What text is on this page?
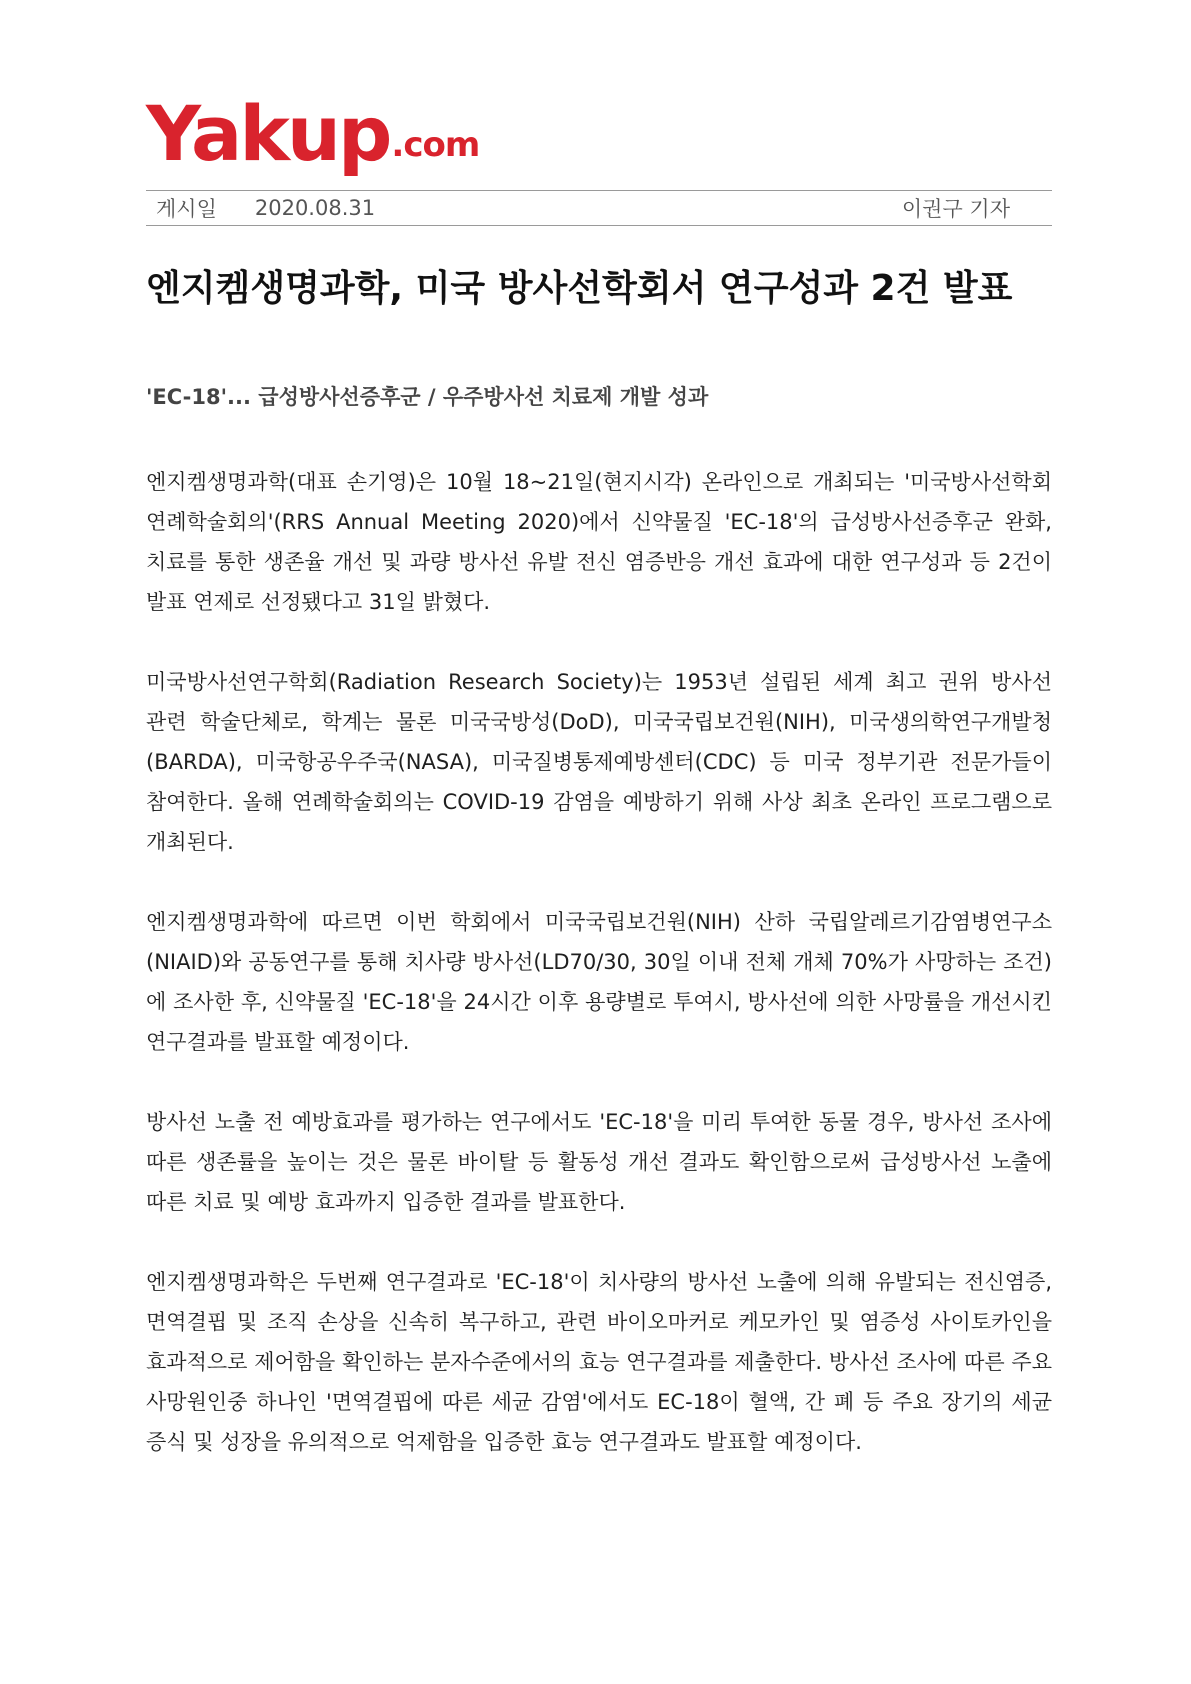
Yakup .com
게시일 2020.08.31	이권구 기자
엔지켐생명과학, 미국 방사선학회서 연구성과 2건 발표
'EC-18'... 급성방사선증후군 / 우주방사선 치료제 개발 성과

엔지켐생명과학(대표 손기영)은 10월 18~21일(현지시각) 온라인으로 개최되는 '미국방사선학회 연례학술회의'(RRS Annual Meeting 2020)에서 신약물질 'EC-18'의 급성방사선증후군 완화, 치료를 통한 생존율 개선 및 과량 방사선 유발 전신 염증반응 개선 효과에 대한 연구성과 등 2건이 발표 연제로 선정됐다고 31일 밝혔다.

미국방사선연구학회(Radiation Research Society)는 1953년 설립된 세계 최고 권위 방사선 관련 학술단체로, 학계는 물론 미국국방성(DoD), 미국국립보건원(NIH), 미국생의학연구개발청(BARDA), 미국항공우주국(NASA), 미국질병통제예방센터(CDC) 등 미국 정부기관 전문가들이 참여한다. 올해 연례학술회의는 COVID-19 감염을 예방하기 위해 사상 최초 온라인 프로그램으로 개최된다.

엔지켐생명과학에 따르면 이번 학회에서 미국국립보건원(NIH) 산하 국립알레르기감염병연구소(NIAID)와 공동연구를 통해 치사량 방사선(LD70/30, 30일 이내 전체 개체 70%가 사망하는 조건)에 조사한 후, 신약물질 'EC-18'을 24시간 이후 용량별로 투여시, 방사선에 의한 사망률을 개선시킨 연구결과를 발표할 예정이다.

방사선 노출 전 예방효과를 평가하는 연구에서도 'EC-18'을 미리 투여한 동물 경우, 방사선 조사에 따른 생존률을 높이는 것은 물론 바이탈 등 활동성 개선 결과도 확인함으로써 급성방사선 노출에 따른 치료 및 예방 효과까지 입증한 결과를 발표한다.

엔지켐생명과학은 두번째 연구결과로 'EC-18'이 치사량의 방사선 노출에 의해 유발되는 전신염증, 면역결핍 및 조직 손상을 신속히 복구하고, 관련 바이오마커로 케모카인 및 염증성 사이토카인을 효과적으로 제어함을 확인하는 분자수준에서의 효능 연구결과를 제출한다. 방사선 조사에 따른 주요 사망원인중 하나인 '면역결핍에 따른 세균 감염'에서도 EC-18이 혈액, 간 폐 등 주요 장기의 세균 증식 및 성장을 유의적으로 억제함을 입증한 효능 연구결과도 발표할 예정이다.
